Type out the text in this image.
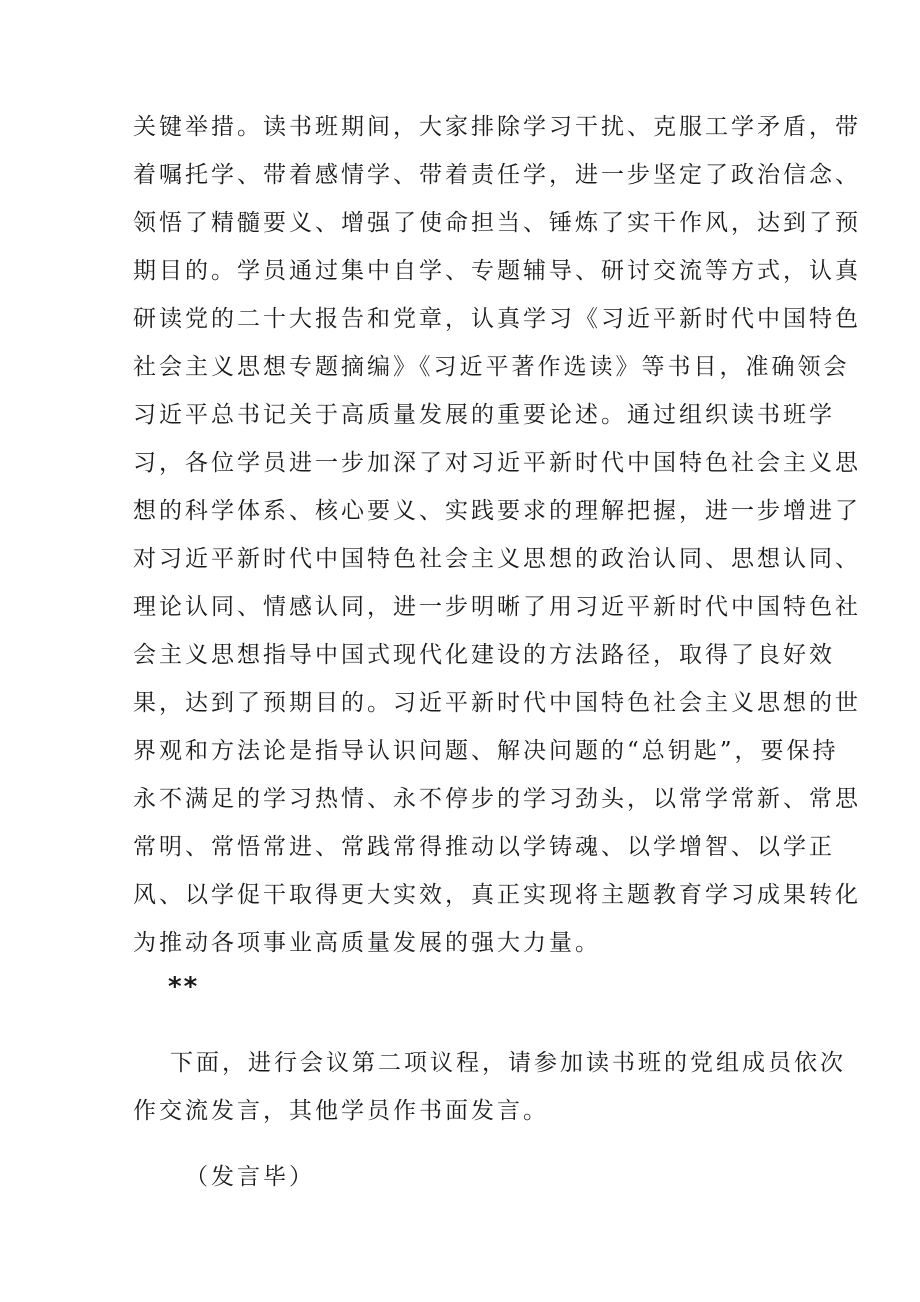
关键举措。读书班期间，大家排除学习干扰、克服工学矛盾，带
着嘱托学、带着感情学、带着责任学，进一步坚定了政治信念、
领悟了精髓要义、增强了使命担当、锤炼了实干作风，达到了预
期目的。学员通过集中自学、专题辅导、研讨交流等方式，认真
研读党的二十大报告和党章，认真学习《习近平新时代中国特色
社会主义思想专题摘编》《习近平著作选读》等书目，准确领会
习近平总书记关于高质量发展的重要论述。通过组织读书班学
习，各位学员进一步加深了对习近平新时代中国特色社会主义思
想的科学体系、核心要义、实践要求的理解把握，进一步增进了
对习近平新时代中国特色社会主义思想的政治认同、思想认同、
理论认同、情感认同，进一步明晰了用习近平新时代中国特色社
会主义思想指导中国式现代化建设的方法路径，取得了良好效
果，达到了预期目的。习近平新时代中国特色社会主义思想的世
界观和方法论是指导认识问题、解决问题的“总钥匙”，要保持
永不满足的学习热情、永不停步的学习劲头，以常学常新、常思
常明、常悟常进、常践常得推动以学铸魂、以学增智、以学正
风、以学促干取得更大实效，真正实现将主题教育学习成果转化
为推动各项事业高质量发展的强大力量。
**
下面，进行会议第二项议程，请参加读书班的党组成员依次
作交流发言，其他学员作书面发言。
（发言毕）
